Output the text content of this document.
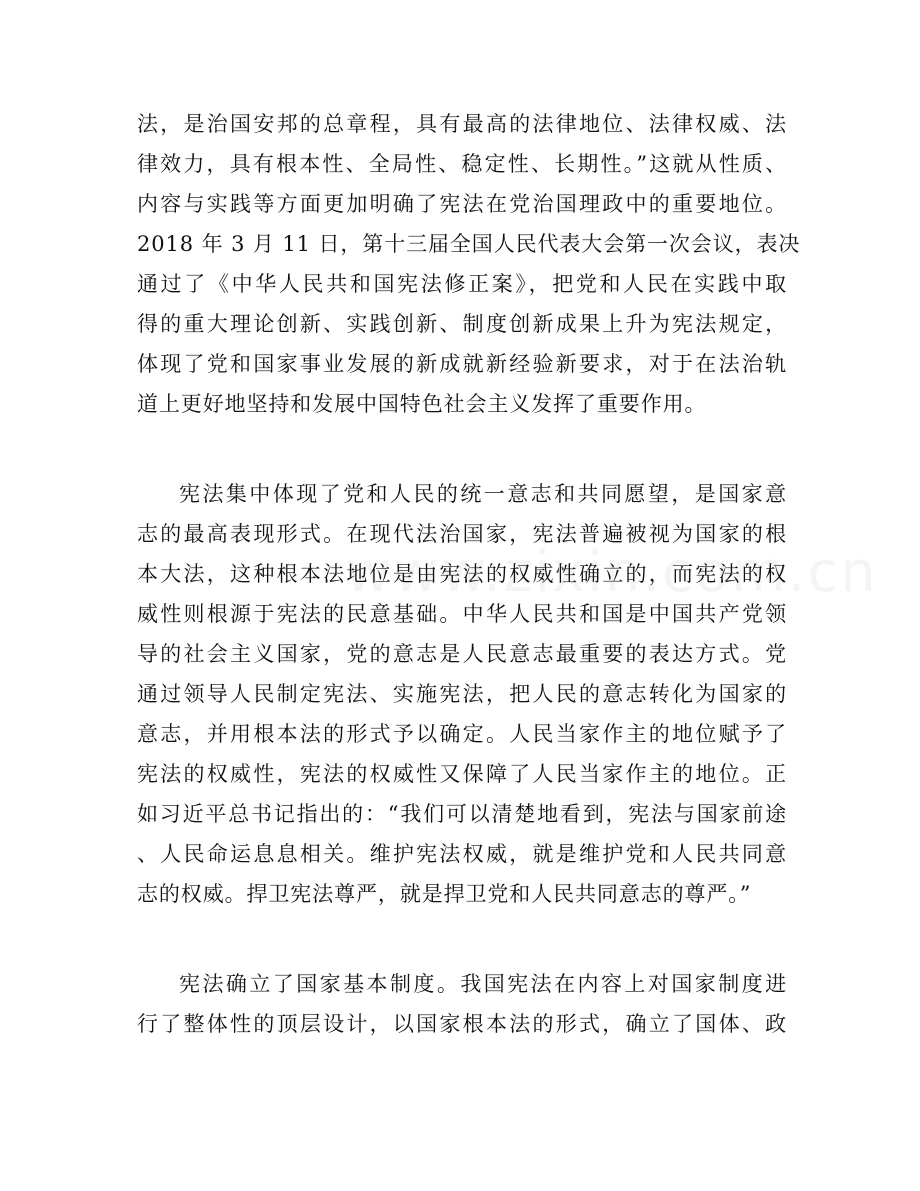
法，是治国安邦的总章程，具有最高的法律地位、法律权威、法
律效力，具有根本性、全局性、稳定性、长期性。”这就从性质、
内容与实践等方面更加明确了宪法在党治国理政中的重要地位。
2018 年 3 月 11 日，第十三届全国人民代表大会第一次会议，表决
通过了《中华人民共和国宪法修正案》，把党和人民在实践中取
得的重大理论创新、实践创新、制度创新成果上升为宪法规定，
体现了党和国家事业发展的新成就新经验新要求，对于在法治轨
道上更好地坚持和发展中国特色社会主义发挥了重要作用。
宪法集中体现了党和人民的统一意志和共同愿望，是国家意
志的最高表现形式。在现代法治国家，宪法普遍被视为国家的根
本大法，这种根本法地位是由宪法的权威性确立的，而宪法的权
威性则根源于宪法的民意基础。中华人民共和国是中国共产党领
导的社会主义国家，党的意志是人民意志最重要的表达方式。党
通过领导人民制定宪法、实施宪法，把人民的意志转化为国家的
意志，并用根本法的形式予以确定。人民当家作主的地位赋予了
宪法的权威性，宪法的权威性又保障了人民当家作主的地位。正
如习近平总书记指出的：“我们可以清楚地看到，宪法与国家前途
、人民命运息息相关。维护宪法权威，就是维护党和人民共同意
志的权威。捍卫宪法尊严，就是捍卫党和人民共同意志的尊严。”
宪法确立了国家基本制度。我国宪法在内容上对国家制度进
行了整体性的顶层设计，以国家根本法的形式，确立了国体、政
